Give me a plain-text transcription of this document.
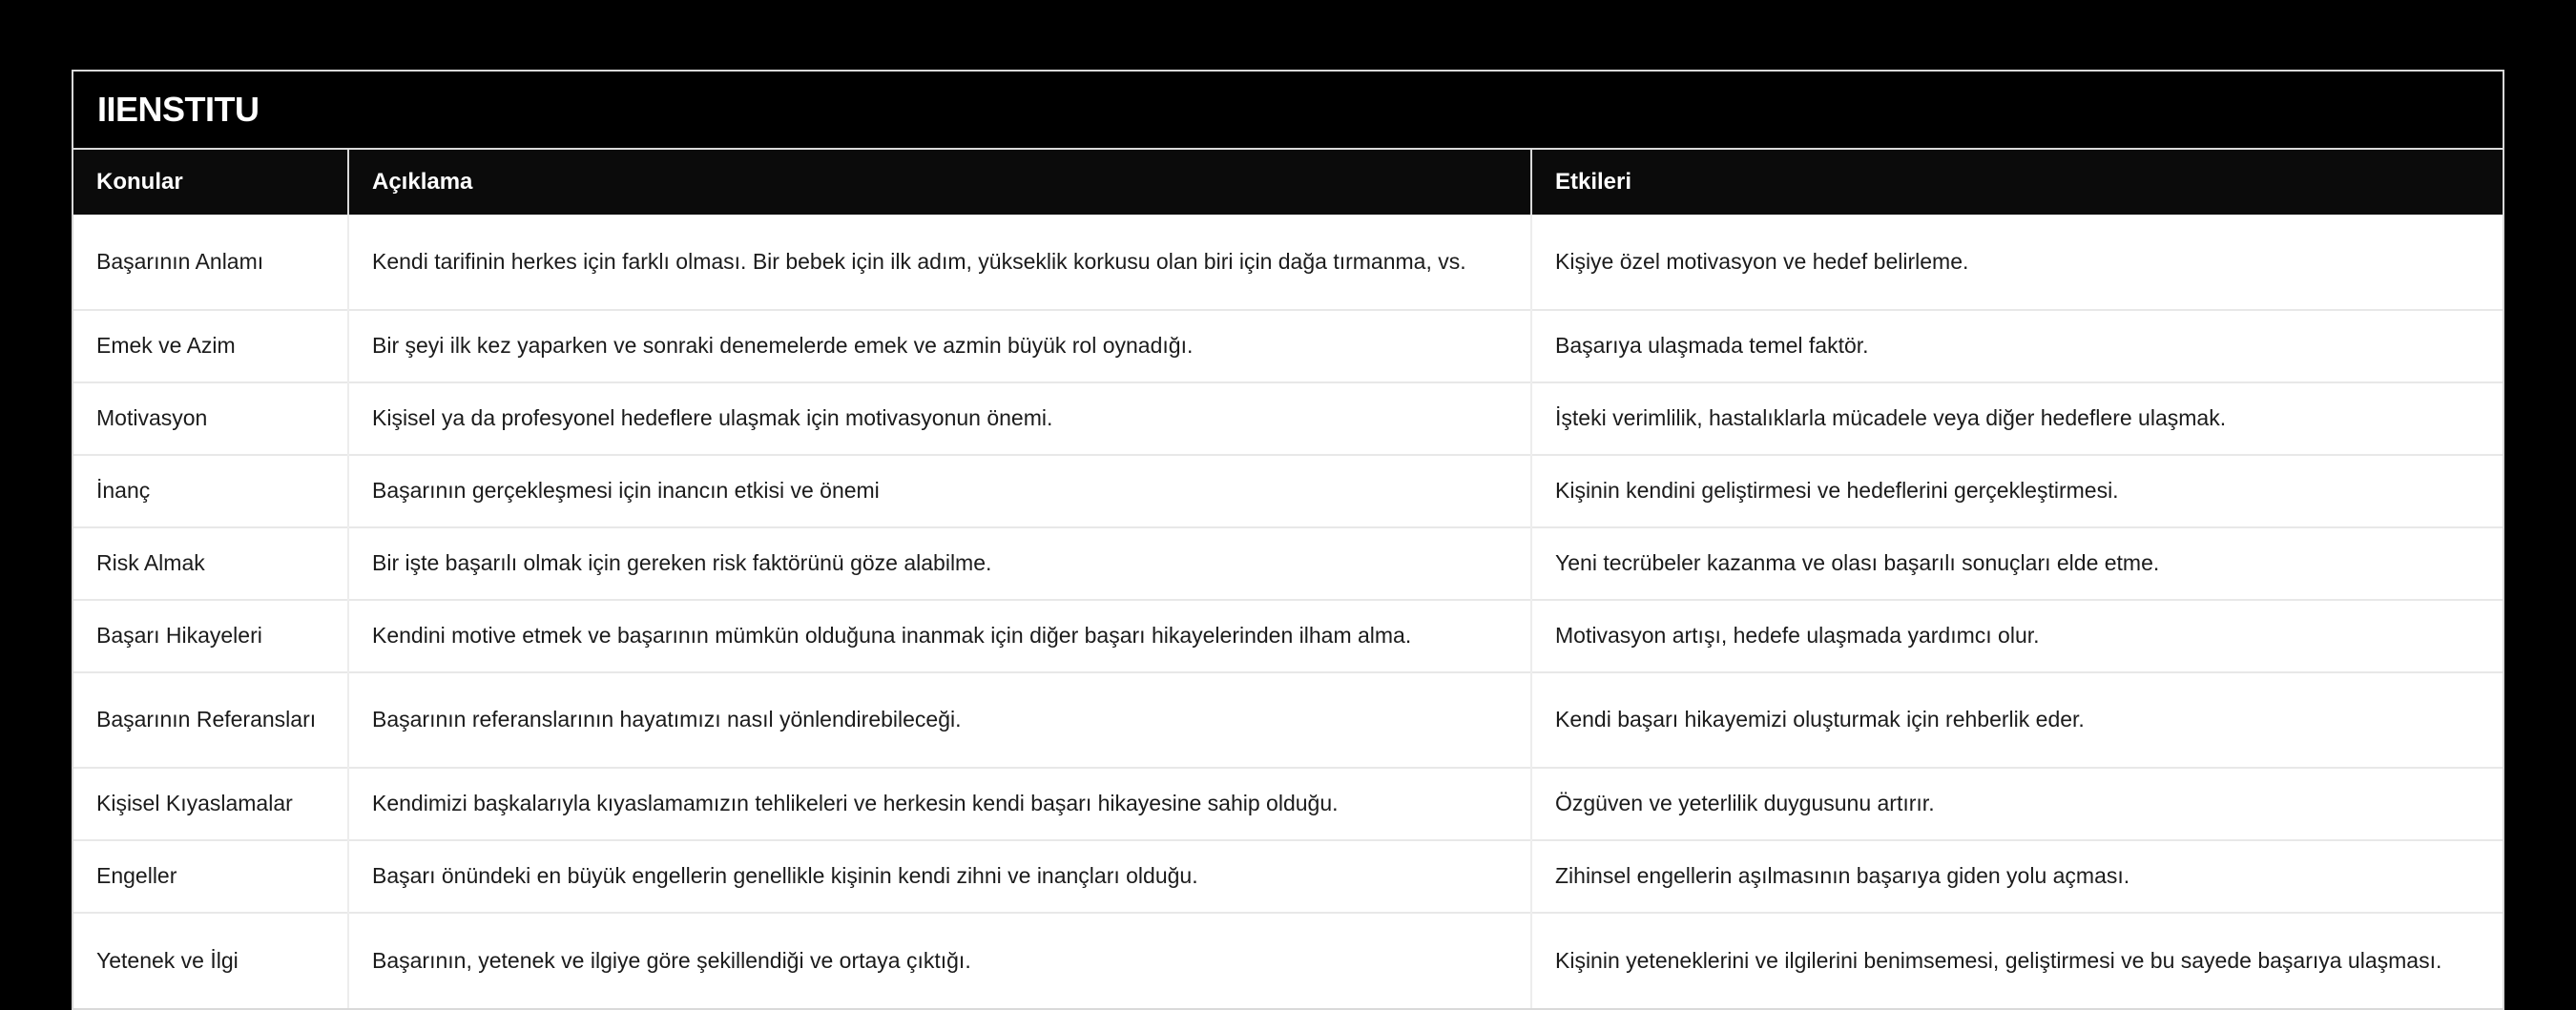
IIENSTITU
Konular	Açıklama	Etkileri
Başarının Anlamı	Kendi tarifinin herkes için farklı olması. Bir bebek için ilk adım, yükseklik korkusu olan biri için dağa tırmanma, vs.	Kişiye özel motivasyon ve hedef belirleme.
Emek ve Azim	Bir şeyi ilk kez yaparken ve sonraki denemelerde emek ve azmin büyük rol oynadığı.	Başarıya ulaşmada temel faktör.
Motivasyon	Kişisel ya da profesyonel hedeflere ulaşmak için motivasyonun önemi.	İşteki verimlilik, hastalıklarla mücadele veya diğer hedeflere ulaşmak.
İnanç	Başarının gerçekleşmesi için inancın etkisi ve önemi	Kişinin kendini geliştirmesi ve hedeflerini gerçekleştirmesi.
Risk Almak	Bir işte başarılı olmak için gereken risk faktörünü göze alabilme.	Yeni tecrübeler kazanma ve olası başarılı sonuçları elde etme.
Başarı Hikayeleri	Kendini motive etmek ve başarının mümkün olduğuna inanmak için diğer başarı hikayelerinden ilham alma.	Motivasyon artışı, hedefe ulaşmada yardımcı olur.
Başarının Referansları	Başarının referanslarının hayatımızı nasıl yönlendirebileceği.	Kendi başarı hikayemizi oluşturmak için rehberlik eder.
Kişisel Kıyaslamalar	Kendimizi başkalarıyla kıyaslamamızın tehlikeleri ve herkesin kendi başarı hikayesine sahip olduğu.	Özgüven ve yeterlilik duygusunu artırır.
Engeller	Başarı önündeki en büyük engellerin genellikle kişinin kendi zihni ve inançları olduğu.	Zihinsel engellerin aşılmasının başarıya giden yolu açması.
Yetenek ve İlgi	Başarının, yetenek ve ilgiye göre şekillendiği ve ortaya çıktığı.	Kişinin yeteneklerini ve ilgilerini benimsemesi, geliştirmesi ve bu sayede başarıya ulaşması.
